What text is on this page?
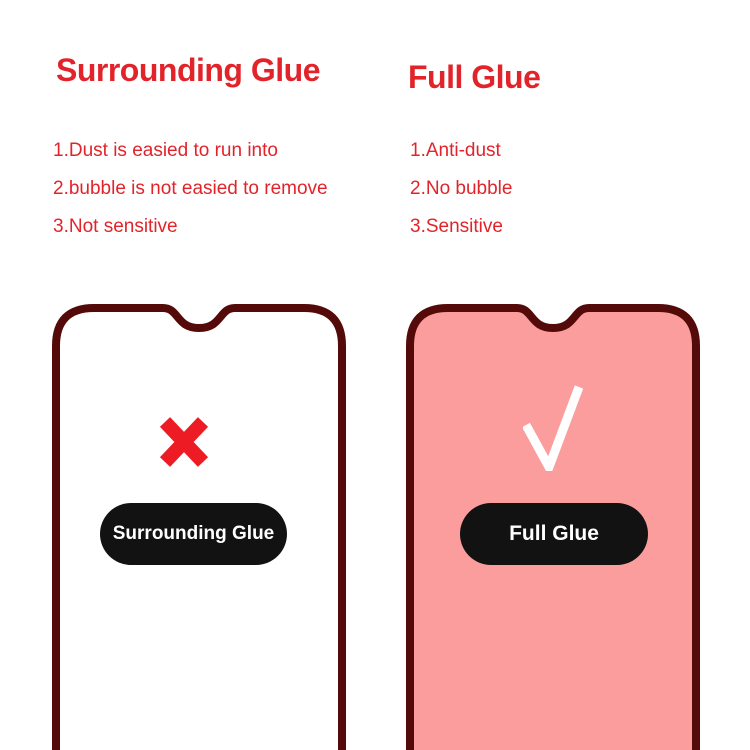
Surrounding Glue
1.Dust is easied to run into
2.bubble is not easied to remove
3.Not sensitive
Full Glue
1.Anti-dust
2.No bubble
3.Sensitive
Surrounding Glue	Full Glue
